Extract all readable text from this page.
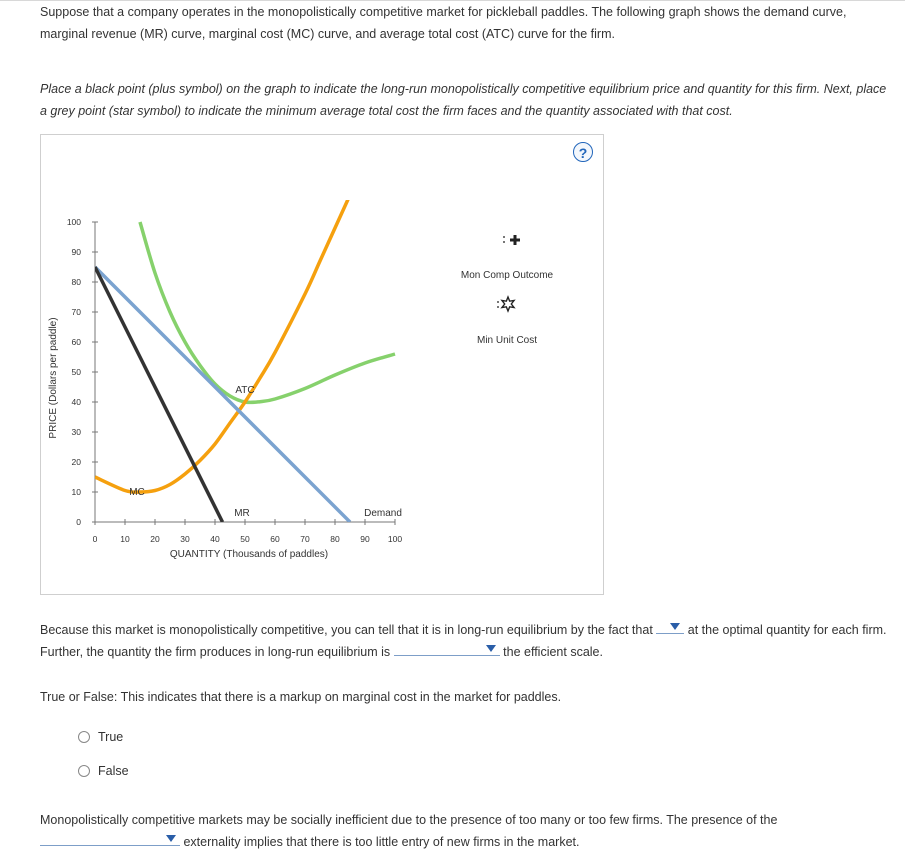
Suppose that a company operates in the monopolistically competitive market for pickleball paddles. The following graph shows the demand curve, marginal revenue (MR) curve, marginal cost (MC) curve, and average total cost (ATC) curve for the firm.

Place a black point (plus symbol) on the graph to indicate the long-run monopolistically competitive equilibrium price and quantity for this firm. Next, place a grey point (star symbol) to indicate the minimum average total cost the firm faces and the quantity associated with that cost.

?
0
10
20
30
40
50
60
70
80
90
100
0	10 20 30 40 50 60 70 80 90 100
QUANTITY (Thousands of paddles)
PRICE (Dollars per paddle)	ATC
MC
MR	Demand
Mon Comp Outcome
Min Unit Cost

Because this market is monopolistically competitive, you can tell that it is in long-run equilibrium by the fact that	at the optimal quantity for each firm. Further, the quantity the firm produces in long-run equilibrium is	the efficient scale.

True or False: This indicates that there is a markup on marginal cost in the market for paddles.

True
False

Monopolistically competitive markets may be socially inefficient due to the presence of too many or too few firms. The presence of the

externality implies that there is too little entry of new firms in the market.
